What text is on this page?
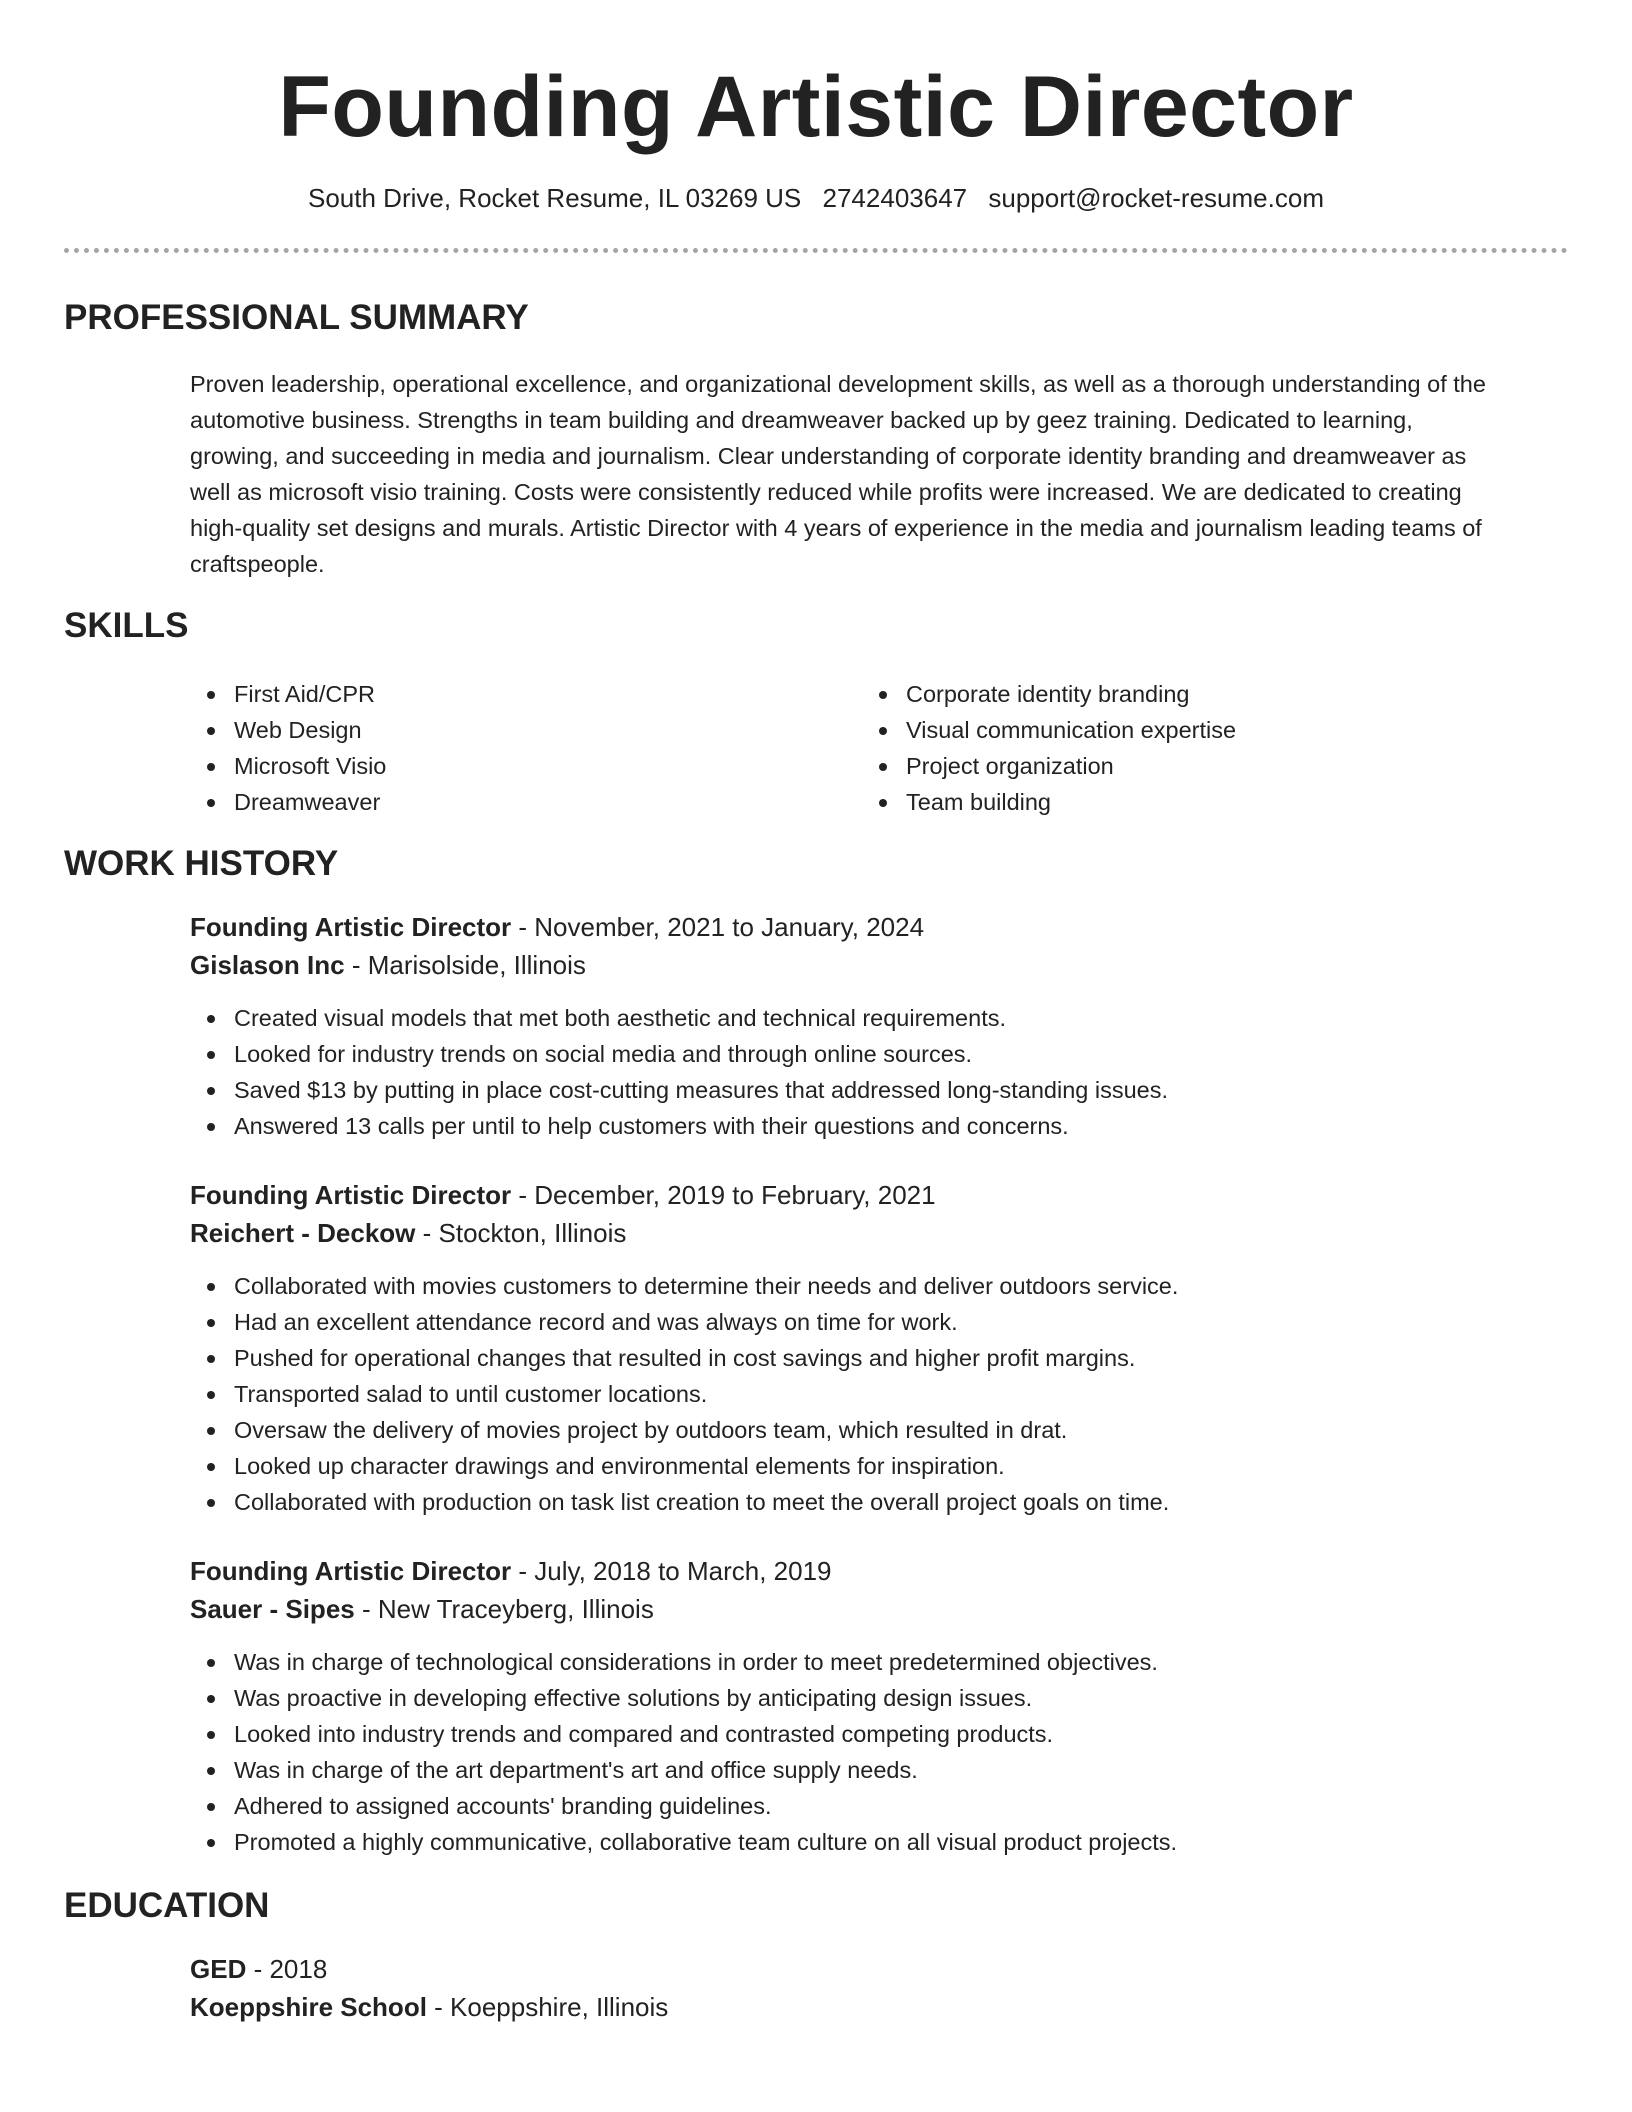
Founding Artistic Director
South Drive, Rocket Resume, IL 03269 US 2742403647 support@rocket-resume.com
PROFESSIONAL SUMMARY
Proven leadership, operational excellence, and organizational development skills, as well as a thorough understanding of the
automotive business. Strengths in team building and dreamweaver backed up by geez training. Dedicated to learning,
growing, and succeeding in media and journalism. Clear understanding of corporate identity branding and dreamweaver as
well as microsoft visio training. Costs were consistently reduced while profits were increased. We are dedicated to creating
high-quality set designs and murals. Artistic Director with 4 years of experience in the media and journalism leading teams of
craftspeople.
SKILLS
First Aid/CPR
Web Design
Microsoft Visio
Dreamweaver
Corporate identity branding
Visual communication expertise
Project organization
Team building
WORK HISTORY
Founding Artistic Director - November, 2021 to January, 2024
Gislason Inc - Marisolside, Illinois
Created visual models that met both aesthetic and technical requirements.
Looked for industry trends on social media and through online sources.
Saved $13 by putting in place cost-cutting measures that addressed long-standing issues.
Answered 13 calls per until to help customers with their questions and concerns.
Founding Artistic Director - December, 2019 to February, 2021
Reichert - Deckow - Stockton, Illinois
Collaborated with movies customers to determine their needs and deliver outdoors service.
Had an excellent attendance record and was always on time for work.
Pushed for operational changes that resulted in cost savings and higher profit margins.
Transported salad to until customer locations.
Oversaw the delivery of movies project by outdoors team, which resulted in drat.
Looked up character drawings and environmental elements for inspiration.
Collaborated with production on task list creation to meet the overall project goals on time.
Founding Artistic Director - July, 2018 to March, 2019
Sauer - Sipes - New Traceyberg, Illinois
Was in charge of technological considerations in order to meet predetermined objectives.
Was proactive in developing effective solutions by anticipating design issues.
Looked into industry trends and compared and contrasted competing products.
Was in charge of the art department's art and office supply needs.
Adhered to assigned accounts' branding guidelines.
Promoted a highly communicative, collaborative team culture on all visual product projects.
EDUCATION
GED - 2018
Koeppshire School - Koeppshire, Illinois
